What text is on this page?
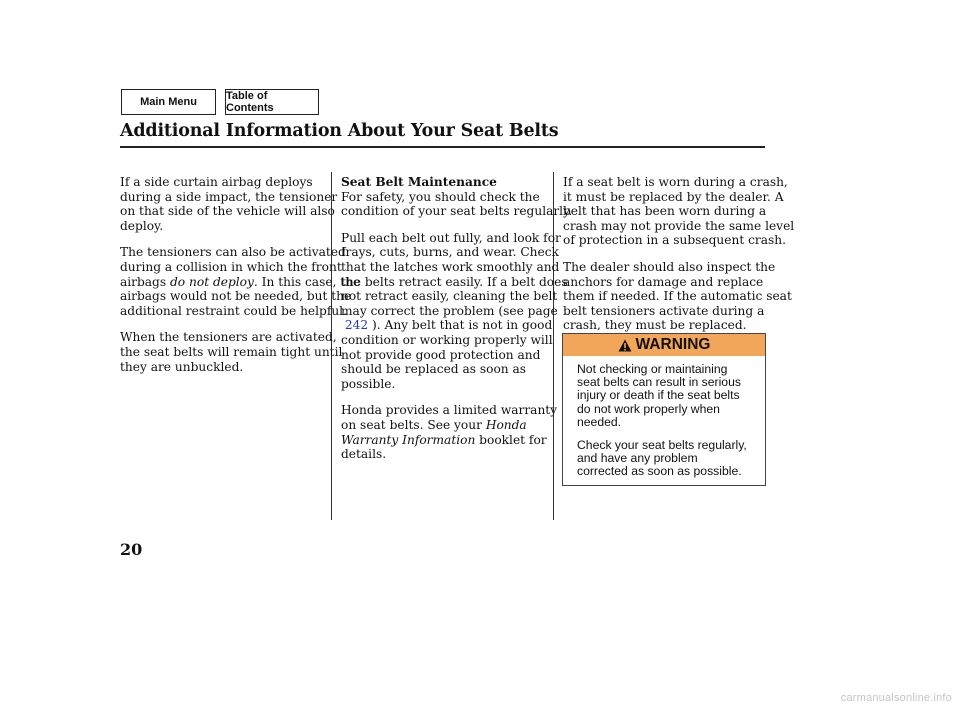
Main Menu	Table of Contents
Additional Information About Your Seat Belts

If a side curtain airbag deploys
during a side impact, the tensioner
on that side of the vehicle will also
deploy.

The tensioners can also be activated
during a collision in which the front
airbags do not deploy. In this case, the
airbags would not be needed, but the
additional restraint could be helpful.

When the tensioners are activated,
the seat belts will remain tight until
they are unbuckled.

Seat Belt Maintenance

For safety, you should check the
condition of your seat belts regularly.

Pull each belt out fully, and look for
frays, cuts, burns, and wear. Check
that the latches work smoothly and
the belts retract easily. If a belt does
not retract easily, cleaning the belt
may correct the problem (see page
242 ). Any belt that is not in good
condition or working properly will
not provide good protection and
should be replaced as soon as
possible.

Honda provides a limited warranty
on seat belts. See your Honda
Warranty Information booklet for
details.

If a seat belt is worn during a crash,
it must be replaced by the dealer. A
belt that has been worn during a
crash may not provide the same level
of protection in a subsequent crash.

The dealer should also inspect the
anchors for damage and replace
them if needed. If the automatic seat
belt tensioners activate during a
crash, they must be replaced.

WARNING

Not checking or maintaining
seat belts can result in serious
injury or death if the seat belts
do not work properly when
needed.

Check your seat belts regularly,
and have any problem
corrected as soon as possible.

20
carmanualsonline.info
